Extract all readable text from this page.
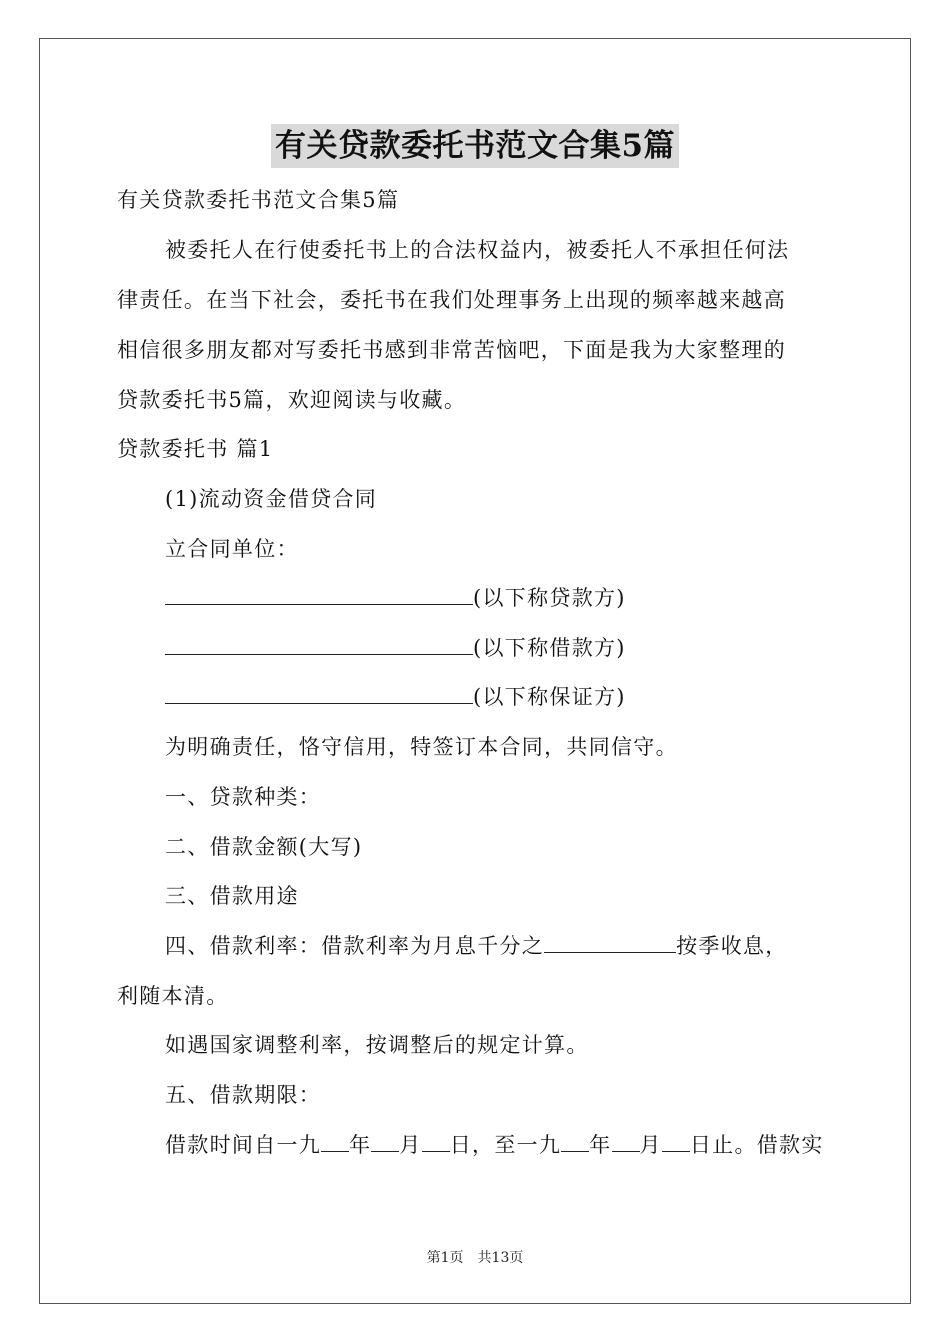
有关贷款委托书范文合集5篇
有关贷款委托书范文合集5篇
被委托人在行使委托书上的合法权益内，被委托人不承担任何法
律责任。在当下社会，委托书在我们处理事务上出现的频率越来越高
相信很多朋友都对写委托书感到非常苦恼吧，下面是我为大家整理的
贷款委托书5篇，欢迎阅读与收藏。
贷款委托书 篇1
(1)流动资金借贷合同
立合同单位：
(以下称贷款方)
(以下称借款方)
(以下称保证方)
为明确责任，恪守信用，特签订本合同，共同信守。
一、贷款种类：
二、借款金额(大写)
三、借款用途
四、借款利率：借款利率为月息千分之	按季收息，
利随本清。
如遇国家调整利率，按调整后的规定计算。
五、借款期限：
借款时间自一九 年 月 日，至一九 年 月 日止。借款实
第1页　共13页
